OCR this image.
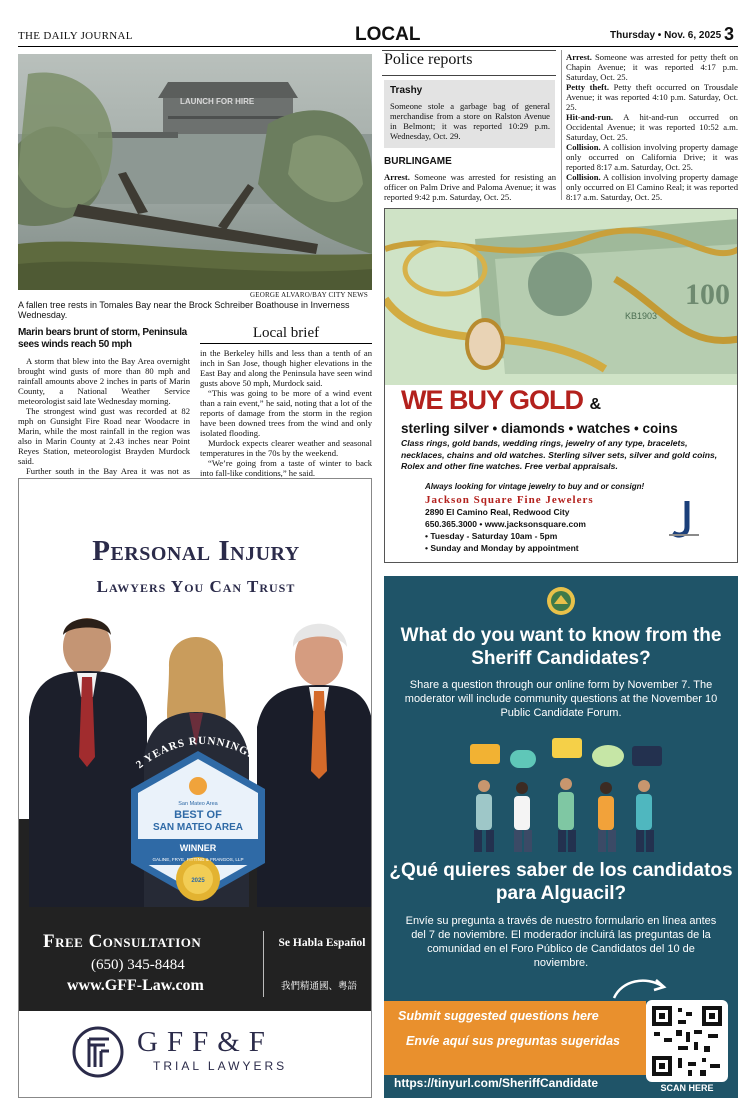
THE DAILY JOURNAL	LOCAL	Thursday • Nov. 6, 2025 3
LAUNCH FOR HIRE
GEORGE ALVARO/BAY CITY NEWS
A fallen tree rests in Tomales Bay near the Brock Schreiber Boathouse in Inverness Wednesday.
Marin bears brunt of storm, Peninsula sees winds reach 50 mph

A storm that blew into the Bay Area overnight brought wind gusts of more than 80 mph and rainfall amounts above 2 inches in parts of Marin County, a National Weather Service meteorologist said late Wednesday morning.

The strongest wind gust was recorded at 82 mph on Gunsight Fire Road near Woodacre in Marin, while the most rainfall in the region was also in Marin County at 2.43 inches near Point Reyes Station, meteorologist Brayden Murdock said.

Further south in the Bay Area it was not as

Local brief

in the Berkeley hills and less than a tenth of an inch in San Jose, though higher elevations in the East Bay and along the Peninsula have seen wind gusts above 50 mph, Murdock said.

“This was going to be more of a wind event than a rain event,” he said, noting that a lot of the reports of damage from the storm in the region have been downed trees from the wind and only isolated flooding.

Murdock expects clearer weather and seasonal temperatures in the 70s by the weekend.

“We’re going from a taste of winter to back into fall-like conditions,” he said.

Police reports
Trashy
Someone stole a garbage bag of general merchandise from a store on Ralston Avenue in Belmont; it was reported 10:29 p.m. Wednesday, Oct. 29.
BURLINGAME
Arrest. Someone was arrested for resisting an officer on Palm Drive and Paloma Avenue; it was reported 9:42 p.m. Saturday, Oct. 25.
Arrest. Someone was arrested for petty theft on Chapin Avenue; it was reported 4:17 p.m. Saturday, Oct. 25.
Petty theft. Petty theft occurred on Trousdale Avenue; it was reported 4:10 p.m. Saturday, Oct. 25.
Hit-and-run. A hit-and-run occurred on Occidental Avenue; it was reported 10:52 a.m. Saturday, Oct. 25.
Collision. A collision involving property damage only occurred on California Drive; it was reported 8:17 a.m. Saturday, Oct. 25.
Collision. A collision involving property damage only occurred on El Camino Real; it was reported 8:17 a.m. Saturday, Oct. 25.
100
KB1903
WE BUY GOLD &
sterling silver • diamonds • watches • coins
Class rings, gold bands, wedding rings, jewelry of any type, bracelets, necklaces, chains and old watches. Sterling silver sets, silver and gold coins, Rolex and other fine watches. Free verbal appraisals.
Always looking for vintage jewelry to buy and or consign!
Jackson Square Fine Jewelers
2890 El Camino Real, Redwood City
650.365.3000 • www.jacksonsquare.com
• Tuesday - Saturday 10am - 5pm
• Sunday and Monday by appointment
Personal Injury
Lawyers You Can Trust
2025
San Mateo Area
BEST OF
SAN MATEO AREA
WINNER
GALINE, FRYE, FITTING & FRANGOS, LLP
2 YEARS RUNNING!
Free Consultation
(650) 345-8484
www.GFF-Law.com
Se Habla Español
我們精通國、粵語
GFF&F
TRIAL LAWYERS
What do you want to know from the Sheriff Candidates?
Share a question through our online form by November 7. The moderator will include community questions at the November 10 Public Candidate Forum.
¿Qué quieres saber de los candidatos para Alguacil?
Envíe su pregunta a través de nuestro formulario en línea antes del 7 de noviembre. El moderador incluirá las preguntas de la comunidad en el Foro Público de Candidatos del 10 de noviembre.
Submit suggested questions here
Envíe aquí sus preguntas sugeridas
https://tinyurl.com/SheriffCandidate	SCAN HERE
